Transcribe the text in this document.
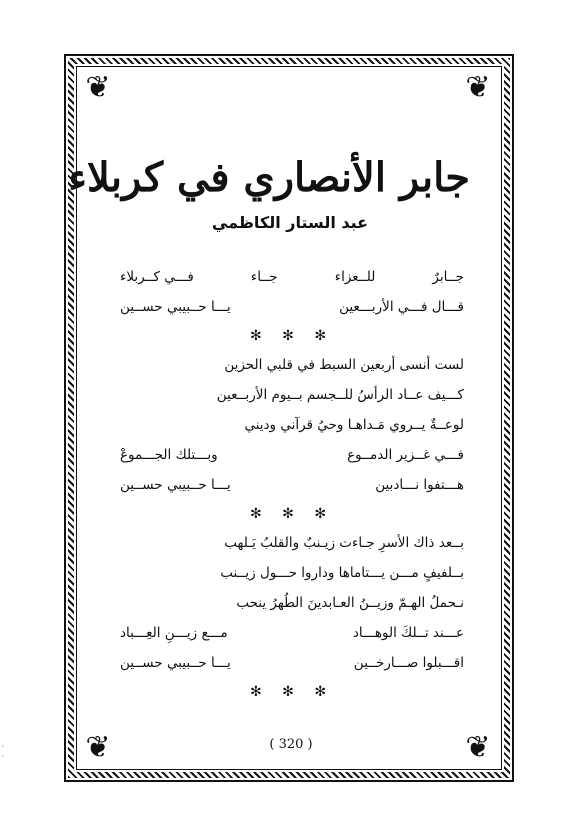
❦	❦
❦	❦
جابر الأنصاري في كربلاء
عبد الستار الكاظمي
جــابرٌ
للــعزاء
جــاء
فـــي كــربلاء
قـــال فـــي الأربـــعين
يـــا حــبيبي حســين
✻ ✻ ✻
لست أنسى أربعين السبط في قلبي الحزين
كـــيف عــاد الرأسُ للــجسم بــيوم الأربــعين
لوعــةٌ يــروي مَـداهـا وحيُ قرآني وديني
فـــي غــزير الدمــوع
وبـــتلك الجـــموعْ
هـــتفوا نـــادبين
يـــا حــبيبي حســين
✻ ✻ ✻
بــعد ذاك الأسرِ جـاءت زيـنبٌ والقلبُ يَـلهب
بــلفيفٍ مـــن يـــتاماها وداروا حـــول زيــنب
نـحملُ الهـمّ وزيــنُ العـابدينَ الطُهرُ ينحب
عـــند تــلكَ الوهـــاد
مـــع زيـــنِ العِـــباد
اقـــبلوا صـــارخــين
يـــا حــبيبي حســين
✻ ✻ ✻
( 320 )
·
·
